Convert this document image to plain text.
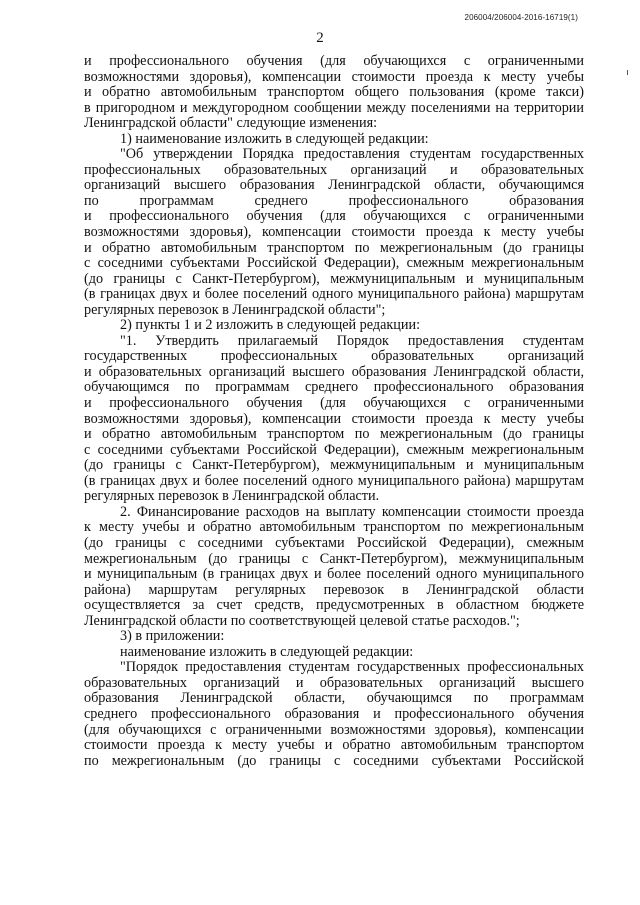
206004/206004-2016-16719(1)
2
и профессионального обучения (для обучающихся с ограниченными
возможностями здоровья), компенсации стоимости проезда к месту учебы
и обратно автомобильным транспортом общего пользования (кроме такси)
в пригородном и междугородном сообщении между поселениями на территории
Ленинградской области" следующие изменения:
1) наименование изложить в следующей редакции:
"Об утверждении Порядка предоставления студентам государственных
профессиональных образовательных организаций и образовательных
организаций высшего образования Ленинградской области, обучающимся
по программам среднего профессионального образования
и профессионального обучения (для обучающихся с ограниченными
возможностями здоровья), компенсации стоимости проезда к месту учебы
и обратно автомобильным транспортом по межрегиональным (до границы
с соседними субъектами Российской Федерации), смежным межрегиональным
(до границы с Санкт-Петербургом), межмуниципальным и муниципальным
(в границах двух и более поселений одного муниципального района) маршрутам
регулярных перевозок в Ленинградской области";
2) пункты 1 и 2 изложить в следующей редакции:
"1. Утвердить прилагаемый Порядок предоставления студентам
государственных профессиональных образовательных организаций
и образовательных организаций высшего образования Ленинградской области,
обучающимся по программам среднего профессионального образования
и профессионального обучения (для обучающихся с ограниченными
возможностями здоровья), компенсации стоимости проезда к месту учебы
и обратно автомобильным транспортом по межрегиональным (до границы
с соседними субъектами Российской Федерации), смежным межрегиональным
(до границы с Санкт-Петербургом), межмуниципальным и муниципальным
(в границах двух и более поселений одного муниципального района) маршрутам
регулярных перевозок в Ленинградской области.
2. Финансирование расходов на выплату компенсации стоимости проезда
к месту учебы и обратно автомобильным транспортом по межрегиональным
(до границы с соседними субъектами Российской Федерации), смежным
межрегиональным (до границы с Санкт-Петербургом), межмуниципальным
и муниципальным (в границах двух и более поселений одного муниципального
района) маршрутам регулярных перевозок в Ленинградской области
осуществляется за счет средств, предусмотренных в областном бюджете
Ленинградской области по соответствующей целевой статье расходов.";
3) в приложении:
наименование изложить в следующей редакции:
"Порядок предоставления студентам государственных профессиональных
образовательных организаций и образовательных организаций высшего
образования Ленинградской области, обучающимся по программам
среднего профессионального образования и профессионального обучения
(для обучающихся с ограниченными возможностями здоровья), компенсации
стоимости проезда к месту учебы и обратно автомобильным транспортом
по межрегиональным (до границы с соседними субъектами Российской
